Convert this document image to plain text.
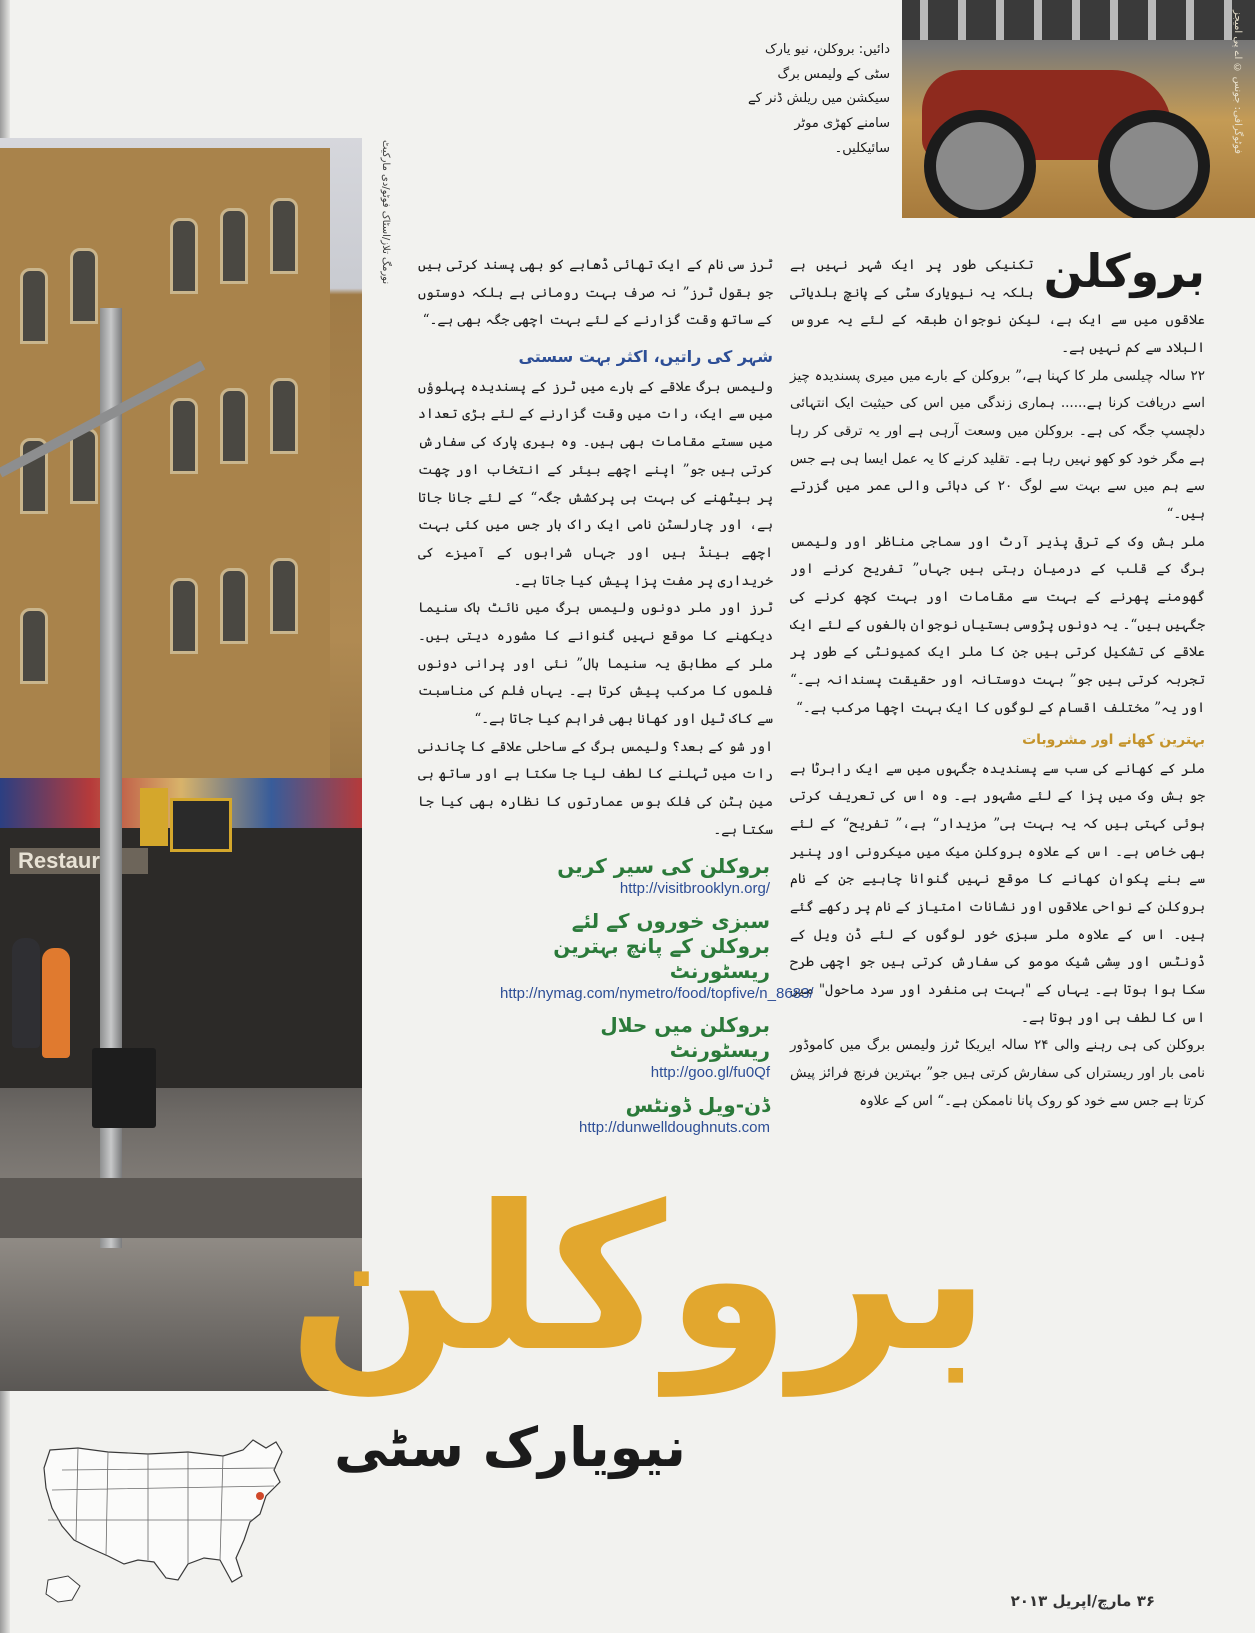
Restaur
نورمگ تلاز/اسٹاک فوٹو/دی مارکیٹ
فوٹوگرافی: جونس © اے پی امیجز
دائیں: بروکلن، نیو یارک سٹی کے ولیمس برگ سیکشن میں ریلش ڈنر کے سامنے کھڑی موٹر سائیکلیں۔
بروکلن

تکنیکی طور پر ایک شہر نہیں ہے بلکہ یہ نیویارک سٹی کے پانچ بلدیاتی علاقوں میں سے ایک ہے، لیکن نوجوان طبقہ کے لئے یہ عروس البلاد سے کم نہیں ہے۔

۲۲ سالہ چیلسی ملر کا کہنا ہے،” بروکلن کے بارے میں میری پسندیدہ چیز اسے دریافت کرنا ہے...... ہماری زندگی میں اس کی حیثیت ایک انتہائی دلچسپ جگہ کی ہے۔ بروکلن میں وسعت آرہی ہے اور یہ ترقی کر رہا ہے مگر خود کو کھو نہیں رہا ہے۔ تقلید کرنے کا یہ عمل ایسا ہی ہے جس سے ہم میں سے بہت سے لوگ ۲۰ کی دہائی والی عمر میں گزرتے ہیں۔“

ملر بش وک کے ترقی پذیر آرٹ اور سماجی مناظر اور ولیمس برگ کے قلب کے درمیان رہتی ہیں جہاں” تفریح کرنے اور گھومنے پھرنے کے بہت سے مقامات اور بہت کچھ کرنے کی جگہیں ہیں“۔ یہ دونوں پڑوسی بستیاں نوجوان بالغوں کے لئے ایک علاقے کی تشکیل کرتی ہیں جن کا ملر ایک کمیونٹی کے طور پر تجربہ کرتی ہیں جو” بہت دوستانہ اور حقیقت پسندانہ ہے۔“ اور یہ” مختلف اقسام کے لوگوں کا ایک بہت اچھا مرکب ہے۔“

بہترین کھانے اور مشروبات

ملر کے کھانے کی سب سے پسندیدہ جگہوں میں سے ایک رابرٹا ہے جو بش وک میں پزا کے لئے مشہور ہے۔ وہ اس کی تعریف کرتی ہوئی کہتی ہیں کہ یہ بہت ہی” مزیدار“ ہے،” تفریح“ کے لئے بھی خاص ہے۔ اس کے علاوہ بروکلن میک میں میکرونی اور پنیر سے بنے پکوان کھانے کا موقع نہیں گنوانا چاہیے جن کے نام بروکلن کے نواحی علاقوں اور نشانات امتیاز کے نام پر رکھے گئے ہیں۔ اس کے علاوہ ملر سبزی خور لوگوں کے لئے ڈن ویل کے ڈونٹس اور سِشی شیک مومو کی سفارش کرتی ہیں جو اچھی طرح سکا ہوا ہوتا ہے۔ یہاں کے "بہت ہی منفرد اور سرد ماحول" میں اس کا لطف ہی اور ہوتا ہے۔

بروکلن کی ہی رہنے والی ۲۴ سالہ ایریکا ٹرز ولیمس برگ میں کاموڈور نامی بار اور ریستراں کی سفارش کرتی ہیں جو” بہترین فرنچ فرائز پیش کرتا ہے جس سے خود کو روک پانا ناممکن ہے۔“ اس کے علاوہ

ٹرز سی نام کے ایک تھائی ڈھابے کو بھی پسند کرتی ہیں جو بقول ٹرز” نہ صرف بہت رومانی ہے بلکہ دوستوں کے ساتھ وقت گزارنے کے لئے بہت اچھی جگہ بھی ہے۔“

شہر کی راتیں، اکثر بہت سستی

ولیمس برگ علاقے کے بارے میں ٹرز کے پسندیدہ پہلوؤں میں سے ایک، رات میں وقت گزارنے کے لئے بڑی تعداد میں سستے مقامات بھی ہیں۔ وہ بیری پارک کی سفارش کرتی ہیں جو” اپنے اچھے بیئر کے انتخاب اور چھت پر بیٹھنے کی بہت ہی پرکشش جگہ“ کے لئے جانا جاتا ہے، اور چارلسٹن نامی ایک راک بار جس میں کئی بہت اچھے بینڈ ہیں اور جہاں شرابوں کے آمیزے کی خریداری پر مفت پزا پیش کیا جاتا ہے۔

ٹرز اور ملر دونوں ولیمس برگ میں نائٹ ہاک سنیما دیکھنے کا موقع نہیں گنوانے کا مشورہ دیتی ہیں۔ ملر کے مطابق یہ سنیما ہال” نئی اور پرانی دونوں فلموں کا مرکب پیش کرتا ہے۔ یہاں فلم کی مناسبت سے کاک ٹیل اور کھانا بھی فراہم کیا جاتا ہے۔“

اور شو کے بعد؟ ولیمس برگ کے ساحلی علاقے کا چاندنی رات میں ٹہلنے کا لطف لیا جا سکتا ہے اور ساتھ ہی مین ہٹن کی فلک بوس عمارتوں کا نظارہ بھی کیا جا سکتا ہے۔

بروکلن کی سیر کریں
http://visitbrooklyn.org/
سبزی خوروں کے لئے بروکلن کے پانچ بہترین ریسٹورنٹ
http://nymag.com/nymetro/food/topfive/n_8683/
بروکلن میں حلال ریسٹورنٹ
http://goo.gl/fu0Qf
ڈن-ویل ڈونٹس
http://dunwelldoughnuts.com
بروکلن
نیویارک سٹی
۳۶ مارچ/اپریل ۲۰۱۳
